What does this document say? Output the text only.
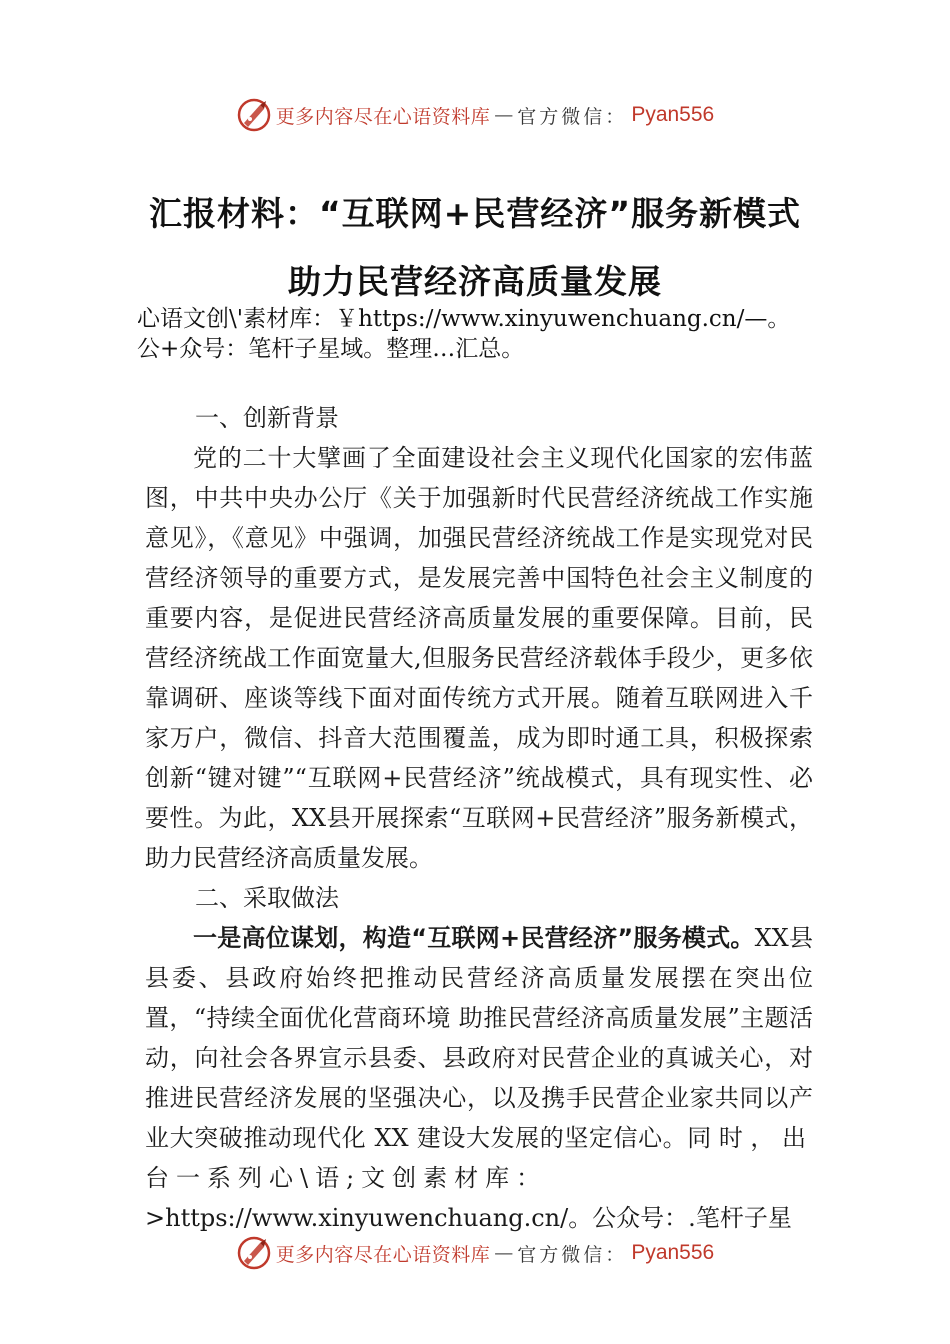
更多内容尽在心语资料库 — 官方微信： Pyan556
汇报材料：“互联网+民营经济”服务新模式
助力民营经济高质量发展
心语文创\'素材库：￥https://www.xinyuwenchuang.cn/—。
公+众号：笔杆子星域。整理…汇总。

一、创新背景

党的二十大擘画了全面建设社会主义现代化国家的宏伟蓝图，中共中央办公厅《关于加强新时代民营经济统战工作实施意见》，《意见》中强调，加强民营经济统战工作是实现党对民营经济领导的重要方式，是发展完善中国特色社会主义制度的重要内容，是促进民营经济高质量发展的重要保障。目前，民营经济统战工作面宽量大,但服务民营经济载体手段少，更多依靠调研、座谈等线下面对面传统方式开展。随着互联网进入千家万户，微信、抖音大范围覆盖，成为即时通工具，积极探索创新“键对键”“互联网+民营经济”统战模式，具有现实性、必要性。为此，XX县开展探索“互联网+民营经济”服务新模式，助力民营经济高质量发展。

二、采取做法

一是高位谋划，构造“互联网+民营经济”服务模式。XX县县委、县政府始终把推动民营经济高质量发展摆在突出位置，“持续全面优化营商环境 助推民营经济高质量发展”主题活动，向社会各界宣示县委、县政府对民营企业的真诚关心，对推进民营经济发展的坚强决心，以及携手民营企业家共同以产业大突破推动现代化 XX 建设大发展的坚定信心。同时，出台一系列心\语;文创素材库：
>https://www.xinyuwenchuang.cn/。公众号：.笔杆子星

更多内容尽在心语资料库 — 官方微信： Pyan556
